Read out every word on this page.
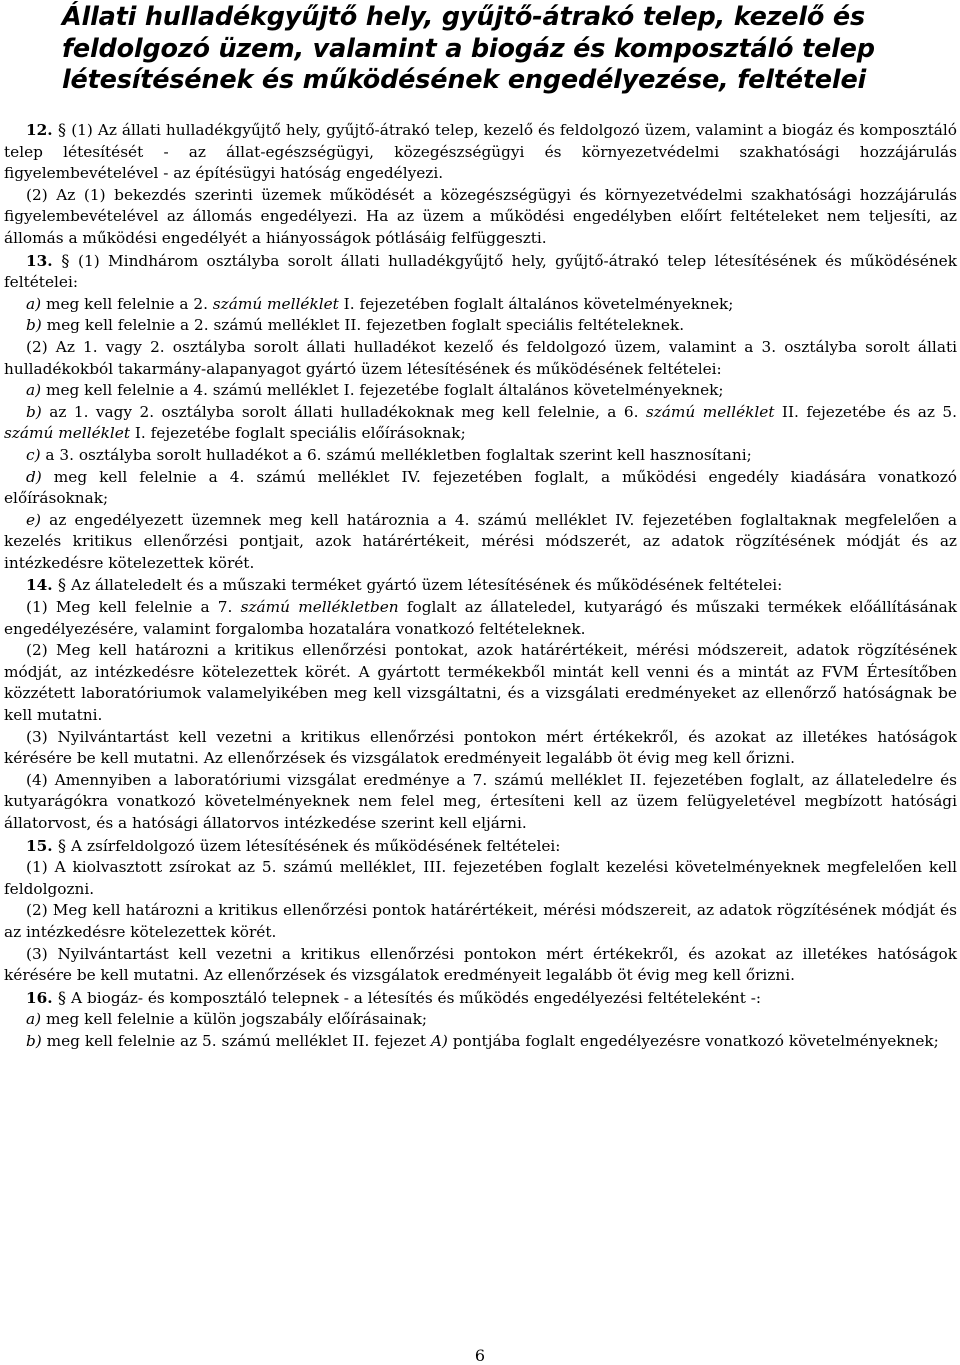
Állati hulladékgyűjtő hely, gyűjtő-átrakó telep, kezelő és
feldolgozó üzem, valamint a biogáz és komposztáló telep
létesítésének és működésének engedélyezése, feltételei

12. § (1) Az állati hulladékgyűjtő hely, gyűjtő-átrakó telep, kezelő és feldolgozó üzem, valamint a biogáz és komposztáló telep létesítését - az állat-egészségügyi, közegészségügyi és környezetvédelmi szakhatósági hozzájárulás figyelembevételével - az építésügyi hatóság engedélyezi.

(2) Az (1) bekezdés szerinti üzemek működését a közegészségügyi és környezetvédelmi szakhatósági hozzájárulás figyelembevételével az állomás engedélyezi. Ha az üzem a működési engedélyben előírt feltételeket nem teljesíti, az állomás a működési engedélyét a hiányosságok pótlásáig felfüggeszti.

13. § (1) Mindhárom osztályba sorolt állati hulladékgyűjtő hely, gyűjtő-átrakó telep létesítésének és működésének feltételei:

a) meg kell felelnie a 2. számú melléklet I. fejezetében foglalt általános követelményeknek;

b) meg kell felelnie a 2. számú melléklet II. fejezetben foglalt speciális feltételeknek.

(2) Az 1. vagy 2. osztályba sorolt állati hulladékot kezelő és feldolgozó üzem, valamint a 3. osztályba sorolt állati hulladékokból takarmány-alapanyagot gyártó üzem létesítésének és működésének feltételei:

a) meg kell felelnie a 4. számú melléklet I. fejezetébe foglalt általános követelményeknek;

b) az 1. vagy 2. osztályba sorolt állati hulladékoknak meg kell felelnie, a 6. számú melléklet II. fejezetébe és az 5. számú melléklet I. fejezetébe foglalt speciális előírásoknak;

c) a 3. osztályba sorolt hulladékot a 6. számú mellékletben foglaltak szerint kell hasznosítani;

d) meg kell felelnie a 4. számú melléklet IV. fejezetében foglalt, a működési engedély kiadására vonatkozó előírásoknak;

e) az engedélyezett üzemnek meg kell határoznia a 4. számú melléklet IV. fejezetében foglaltaknak megfelelően a kezelés kritikus ellenőrzési pontjait, azok határértékeit, mérési módszerét, az adatok rögzítésének módját és az intézkedésre kötelezettek körét.

14. § Az állateledelt és a műszaki terméket gyártó üzem létesítésének és működésének feltételei:

(1) Meg kell felelnie a 7. számú mellékletben foglalt az állateledel, kutyarágó és műszaki termékek előállításának engedélyezésére, valamint forgalomba hozatalára vonatkozó feltételeknek.

(2) Meg kell határozni a kritikus ellenőrzési pontokat, azok határértékeit, mérési módszereit, adatok rögzítésének módját, az intézkedésre kötelezettek körét. A gyártott termékekből mintát kell venni és a mintát az FVM Értesítőben közzétett laboratóriumok valamelyikében meg kell vizsgáltatni, és a vizsgálati eredményeket az ellenőrző hatóságnak be kell mutatni.

(3) Nyilvántartást kell vezetni a kritikus ellenőrzési pontokon mért értékekről, és azokat az illetékes hatóságok kérésére be kell mutatni. Az ellenőrzések és vizsgálatok eredményeit legalább öt évig meg kell őrizni.

(4) Amennyiben a laboratóriumi vizsgálat eredménye a 7. számú melléklet II. fejezetében foglalt, az állateledelre és kutyarágókra vonatkozó követelményeknek nem felel meg, értesíteni kell az üzem felügyeletével megbízott hatósági állatorvost, és a hatósági állatorvos intézkedése szerint kell eljárni.

15. § A zsírfeldolgozó üzem létesítésének és működésének feltételei:

(1) A kiolvasztott zsírokat az 5. számú melléklet, III. fejezetében foglalt kezelési követelményeknek megfelelően kell feldolgozni.

(2) Meg kell határozni a kritikus ellenőrzési pontok határértékeit, mérési módszereit, az adatok rögzítésének módját és az intézkedésre kötelezettek körét.

(3) Nyilvántartást kell vezetni a kritikus ellenőrzési pontokon mért értékekről, és azokat az illetékes hatóságok kérésére be kell mutatni. Az ellenőrzések és vizsgálatok eredményeit legalább öt évig meg kell őrizni.

16. § A biogáz- és komposztáló telepnek - a létesítés és működés engedélyezési feltételeként -:

a) meg kell felelnie a külön jogszabály előírásainak;

b) meg kell felelnie az 5. számú melléklet II. fejezet A) pontjába foglalt engedélyezésre vonatkozó követelményeknek;

6
